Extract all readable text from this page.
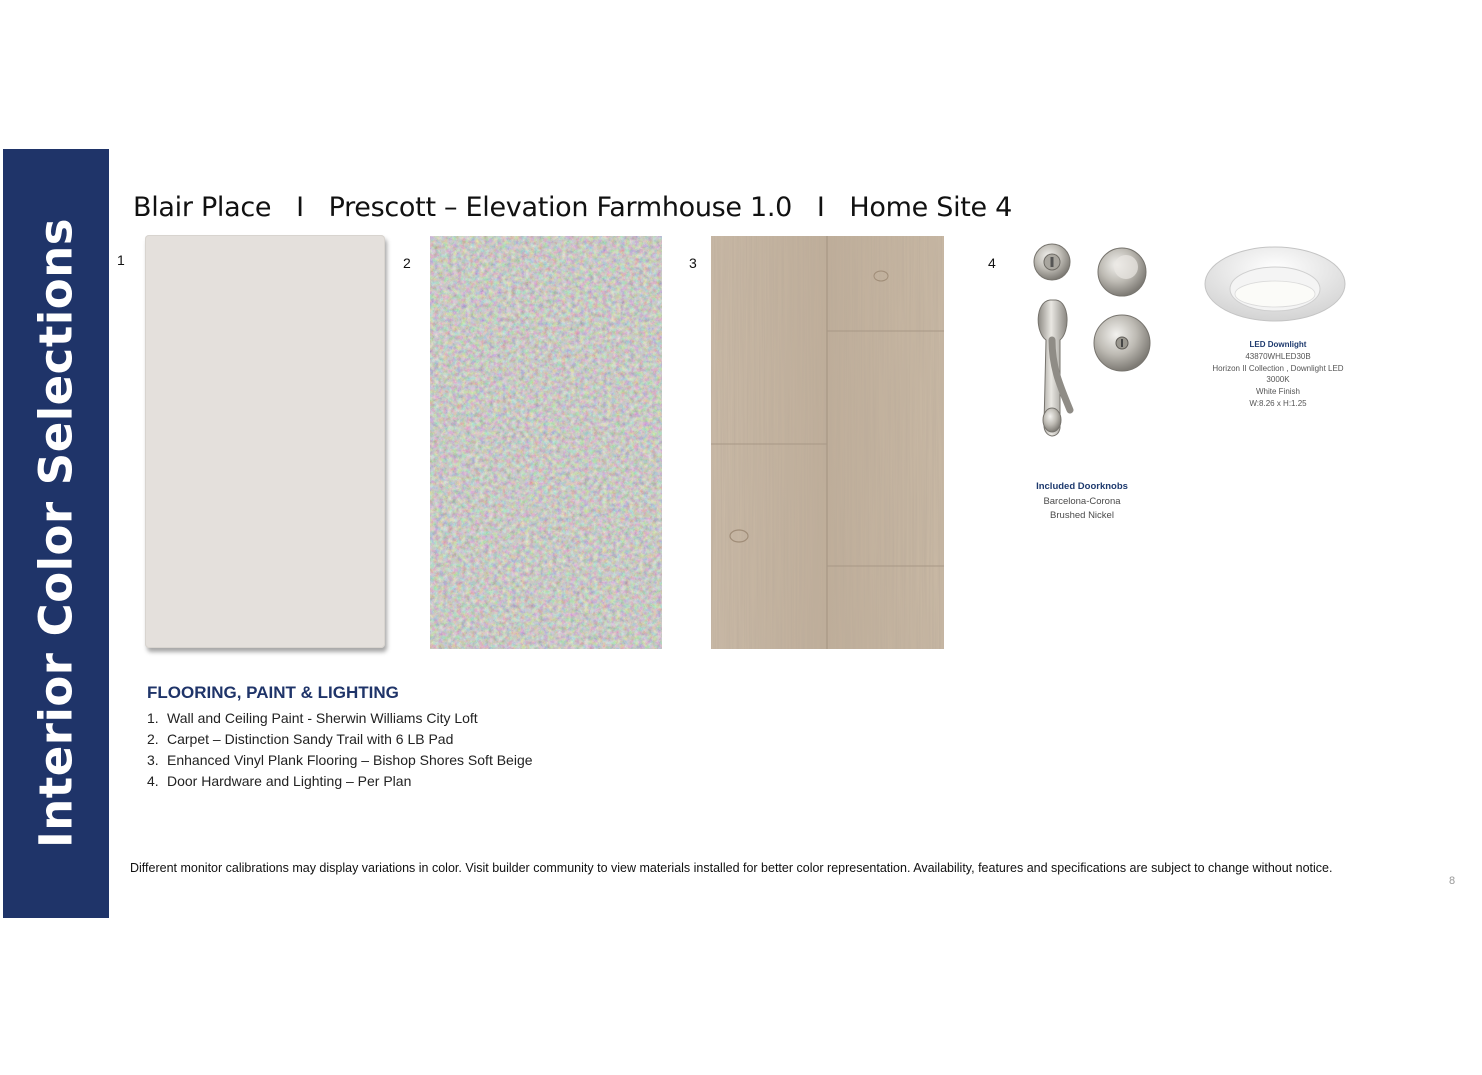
Interior Color Selections
Blair Place   I   Prescott – Elevation Farmhouse 1.0   I   Home Site 4
1	2	3	4
Included Doorknobs
Barcelona-Corona
Brushed Nickel
LED Downlight
43870WHLED30B
Horizon II Collection , Downlight LED
3000K
White Finish
W:8.26 x H:1.25
FLOORING, PAINT & LIGHTING
1. Wall and Ceiling Paint - Sherwin Williams City Loft
2. Carpet – Distinction Sandy Trail with 6 LB Pad
3. Enhanced Vinyl Plank Flooring – Bishop Shores Soft Beige
4. Door Hardware and Lighting – Per Plan
Different monitor calibrations may display variations in color. Visit builder community to view materials installed for better color representation. Availability, features and specifications are subject to change without notice.
8
